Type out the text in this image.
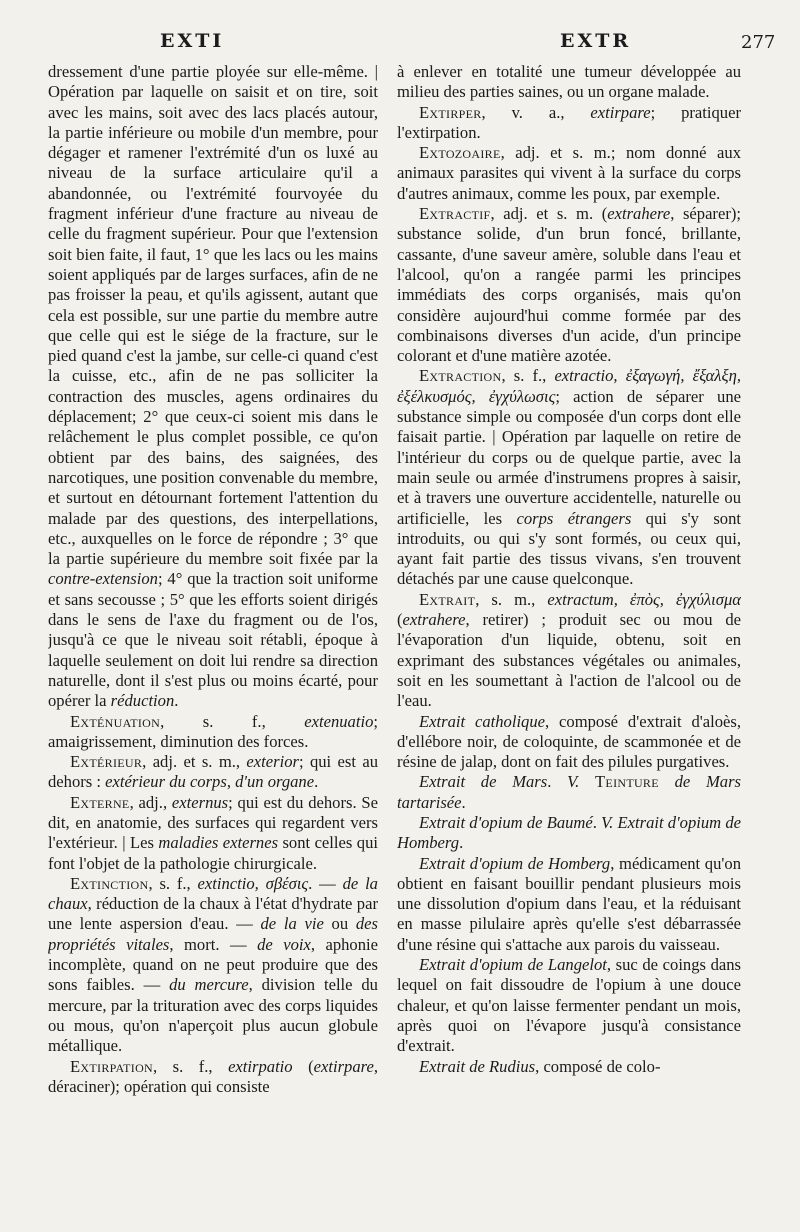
EXTI	EXTR	277

dressement d'une partie ployée sur elle-même. | Opération par laquelle on saisit et on tire, soit avec les mains, soit avec des lacs placés autour, la partie inférieure ou mobile d'un membre, pour dégager et ramener l'extrémité d'un os luxé au niveau de la surface articulaire qu'il a abandonnée, ou l'extrémité fourvoyée du fragment inférieur d'une fracture au niveau de celle du fragment supérieur. Pour que l'extension soit bien faite, il faut, 1° que les lacs ou les mains soient appliqués par de larges surfaces, afin de ne pas froisser la peau, et qu'ils agissent, autant que cela est possible, sur une partie du membre autre que celle qui est le siége de la fracture, sur le pied quand c'est la jambe, sur celle-ci quand c'est la cuisse, etc., afin de ne pas solliciter la contraction des muscles, agens ordinaires du déplacement; 2° que ceux-ci soient mis dans le relâchement le plus complet possible, ce qu'on obtient par des bains, des saignées, des narcotiques, une position convenable du membre, et surtout en détournant fortement l'attention du malade par des questions, des interpellations, etc., auxquelles on le force de répondre ; 3° que la partie supérieure du membre soit fixée par la contre-extension; 4° que la traction soit uniforme et sans secousse ; 5° que les efforts soient dirigés dans le sens de l'axe du fragment ou de l'os, jusqu'à ce que le niveau soit rétabli, époque à laquelle seulement on doit lui rendre sa direction naturelle, dont il s'est plus ou moins écarté, pour opérer la réduction.

Exténuation, s. f., extenuatio; amaigrissement, diminution des forces.

Extérieur, adj. et s. m., exterior; qui est au dehors : extérieur du corps, d'un organe.

Externe, adj., externus; qui est du dehors. Se dit, en anatomie, des surfaces qui regardent vers l'extérieur. | Les maladies externes sont celles qui font l'objet de la pathologie chirurgicale.

Extinction, s. f., extinctio, σβέσις. — de la chaux, réduction de la chaux à l'état d'hydrate par une lente aspersion d'eau. — de la vie ou des propriétés vitales, mort. — de voix, aphonie incomplète, quand on ne peut produire que des sons faibles. — du mercure, division telle du mercure, par la trituration avec des corps liquides ou mous, qu'on n'aperçoit plus aucun globule métallique.

Extirpation, s. f., extirpatio (extirpare, déraciner); opération qui consiste

à enlever en totalité une tumeur développée au milieu des parties saines, ou un organe malade.

Extirper, v. a., extirpare; pratiquer l'extirpation.

Extozoaire, adj. et s. m.; nom donné aux animaux parasites qui vivent à la surface du corps d'autres animaux, comme les poux, par exemple.

Extractif, adj. et s. m. (extrahere, séparer); substance solide, d'un brun foncé, brillante, cassante, d'une saveur amère, soluble dans l'eau et l'alcool, qu'on a rangée parmi les principes immédiats des corps organisés, mais qu'on considère aujourd'hui comme formée par des combinaisons diverses d'un acide, d'un principe colorant et d'une matière azotée.

Extraction, s. f., extractio, ἐξαγωγή, ἔξαλξη, ἐξέλκυσμός, ἐγχύλωσις; action de séparer une substance simple ou composée d'un corps dont elle faisait partie. | Opération par laquelle on retire de l'intérieur du corps ou de quelque partie, avec la main seule ou armée d'instrumens propres à saisir, et à travers une ouverture accidentelle, naturelle ou artificielle, les corps étrangers qui s'y sont introduits, ou qui s'y sont formés, ou ceux qui, ayant fait partie des tissus vivans, s'en trouvent détachés par une cause quelconque.

Extrait, s. m., extractum, ἐπὸς, ἐγχύλισμα (extrahere, retirer) ; produit sec ou mou de l'évaporation d'un liquide, obtenu, soit en exprimant des substances végétales ou animales, soit en les soumettant à l'action de l'alcool ou de l'eau.

Extrait catholique, composé d'extrait d'aloès, d'ellébore noir, de coloquinte, de scammonée et de résine de jalap, dont on fait des pilules purgatives.

Extrait de Mars. V. Teinture de Mars tartarisée.

Extrait d'opium de Baumé. V. Extrait d'opium de Homberg.

Extrait d'opium de Homberg, médicament qu'on obtient en faisant bouillir pendant plusieurs mois une dissolution d'opium dans l'eau, et la réduisant en masse pilulaire après qu'elle s'est débarrassée d'une résine qui s'attache aux parois du vaisseau.

Extrait d'opium de Langelot, suc de coings dans lequel on fait dissoudre de l'opium à une douce chaleur, et qu'on laisse fermenter pendant un mois, après quoi on l'évapore jusqu'à consistance d'extrait.

Extrait de Rudius, composé de colo-
